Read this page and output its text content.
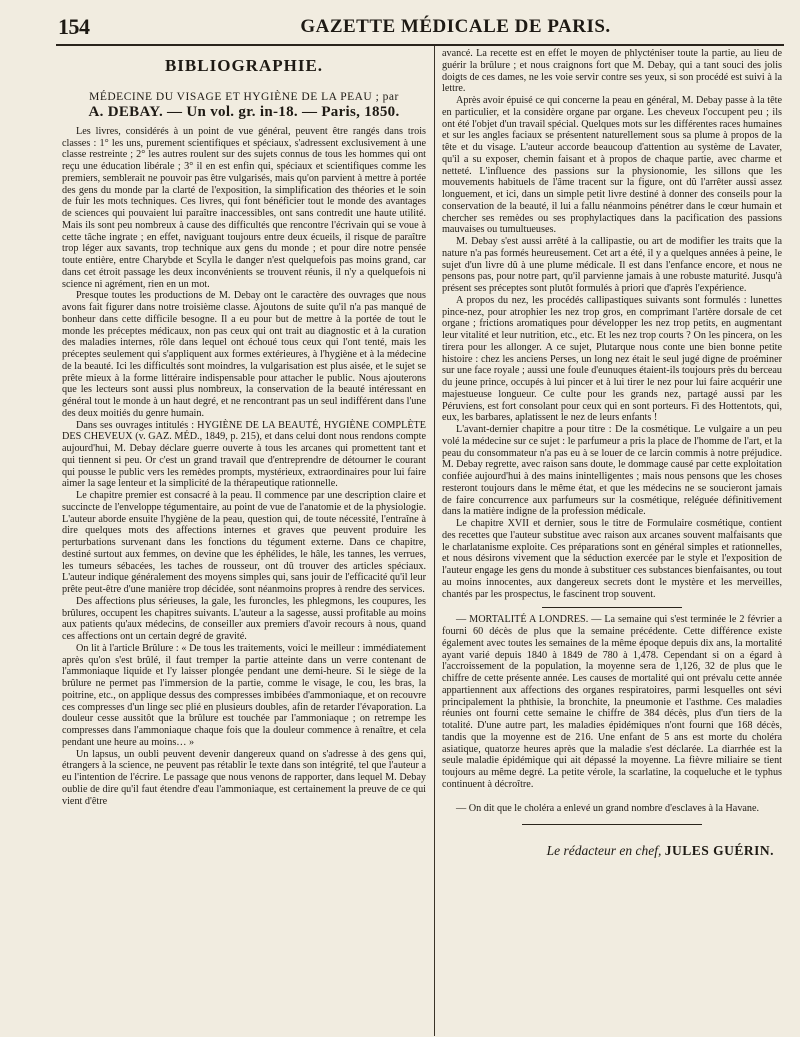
154	GAZETTE MÉDICALE DE PARIS.
BIBLIOGRAPHIE.
MÉDECINE DU VISAGE ET HYGIÈNE DE LA PEAU ; par
A. DEBAY. — Un vol. gr. in-18. — Paris, 1850.

Les livres, considérés à un point de vue général, peuvent être rangés dans trois classes : 1° les uns, purement scientifiques et spéciaux, s'adressent exclusivement à une classe restreinte ; 2° les autres roulent sur des sujets connus de tous les hommes qui ont reçu une éducation libérale ; 3° il en est enfin qui, spéciaux et scientifiques comme les premiers, semblerait ne pouvoir pas être vulgarisés, mais qu'on parvient à mettre à portée des gens du monde par la clarté de l'exposition, la simplification des théories et le soin de fuir les mots techniques. Ces livres, qui font bénéficier tout le monde des avantages de sciences qui pouvaient lui paraître inaccessibles, ont sans contredit une haute utilité. Mais ils sont peu nombreux à cause des difficultés que rencontre l'écrivain qui se voue à cette tâche ingrate ; en effet, naviguant toujours entre deux écueils, il risque de paraître trop léger aux savants, trop technique aux gens du monde ; et pour dire notre pensée toute entière, entre Charybde et Scylla le danger n'est quelquefois pas moins grand, car dans cet étroit passage les deux inconvénients se trouvent réunis, il n'y a quelquefois ni science ni agrément, rien en un mot.

Presque toutes les productions de M. Debay ont le caractère des ouvrages que nous avons fait figurer dans notre troisième classe. Ajoutons de suite qu'il n'a pas manqué de bonheur dans cette difficile besogne. Il a eu pour but de mettre à la portée de tout le monde les préceptes médicaux, non pas ceux qui ont trait au diagnostic et à la curation des maladies internes, rôle dans lequel ont échoué tous ceux qui l'ont tenté, mais les préceptes seulement qui s'appliquent aux formes extérieures, à l'hygiène et à la médecine de la beauté. Ici les difficultés sont moindres, la vulgarisation est plus aisée, et le sujet se prête mieux à la forme littéraire indispensable pour attacher le public. Nous ajouterons que les lecteurs sont aussi plus nombreux, la conservation de la beauté intéressant en général tout le monde à un haut degré, et ne rencontrant pas un seul indifférent dans l'une des deux moitiés du genre humain.

Dans ses ouvrages intitulés : HYGIÈNE DE LA BEAUTÉ, HYGIÈNE COMPLÈTE DES CHEVEUX (v. GAZ. MÉD., 1849, p. 215), et dans celui dont nous rendons compte aujourd'hui, M. Debay déclare guerre ouverte à tous les arcanes qui promettent tant et qui tiennent si peu. Or c'est un grand travail que d'entreprendre de détourner le courant qui pousse le public vers les remèdes prompts, mystérieux, extraordinaires pour lui faire aimer la sage lenteur et la simplicité de la thérapeutique rationnelle.

Le chapitre premier est consacré à la peau. Il commence par une description claire et succincte de l'enveloppe tégumentaire, au point de vue de l'anatomie et de la physiologie. L'auteur aborde ensuite l'hygiène de la peau, question qui, de toute nécessité, l'entraîne à dire quelques mots des affections internes et graves que peuvent produire les perturbations survenant dans les fonctions du tégument externe. Dans ce chapitre, destiné surtout aux femmes, on devine que les éphélides, le hâle, les tannes, les verrues, les tumeurs sébacées, les taches de rousseur, ont dû trouver des articles spéciaux. L'auteur indique généralement des moyens simples qui, sans jouir de l'efficacité qu'il leur prête peut-être d'une manière trop décidée, sont néanmoins propres à rendre des services.

Des affections plus sérieuses, la gale, les furoncles, les phlegmons, les coupures, les brûlures, occupent les chapitres suivants. L'auteur a la sagesse, aussi profitable au moins aux patients qu'aux médecins, de conseiller aux premiers d'avoir recours à nous, quand ces affections ont un certain degré de gravité.

On lit à l'article Brûlure : « De tous les traitements, voici le meilleur : immédiatement après qu'on s'est brûlé, il faut tremper la partie atteinte dans un verre contenant de l'ammoniaque liquide et l'y laisser plongée pendant une demi-heure. Si le siège de la brûlure ne permet pas l'immersion de la partie, comme le visage, le cou, les bras, la poitrine, etc., on applique dessus des compresses imbibées d'ammoniaque, et on recouvre ces compresses d'un linge sec plié en plusieurs doubles, afin de retarder l'évaporation. La douleur cesse aussitôt que la brûlure est touchée par l'ammoniaque ; on retrempe les compresses dans l'ammoniaque chaque fois que la douleur commence à renaître, et cela pendant une heure au moins… »

Un lapsus, un oubli peuvent devenir dangereux quand on s'adresse à des gens qui, étrangers à la science, ne peuvent pas rétablir le texte dans son intégrité, tel que l'auteur a eu l'intention de l'écrire. Le passage que nous venons de rapporter, dans lequel M. Debay oublie de dire qu'il faut étendre d'eau l'ammoniaque, est certainement la preuve de ce qui vient d'être

avancé. La recette est en effet le moyen de phlycténiser toute la partie, au lieu de guérir la brûlure ; et nous craignons fort que M. Debay, qui a tant souci des jolis doigts de ces dames, ne les voie servir contre ses yeux, si son procédé est suivi à la lettre.

Après avoir épuisé ce qui concerne la peau en général, M. Debay passe à la tête en particulier, et la considère organe par organe. Les cheveux l'occupent peu ; ils ont été l'objet d'un travail spécial. Quelques mots sur les différentes races humaines et sur les angles faciaux se présentent naturellement sous sa plume à propos de la tête et du visage. L'auteur accorde beaucoup d'attention au système de Lavater, qu'il a su exposer, chemin faisant et à propos de chaque partie, avec charme et netteté. L'influence des passions sur la physionomie, les sillons que les mouvements habituels de l'âme tracent sur la figure, ont dû l'arrêter aussi assez longuement, et ici, dans un simple petit livre destiné à donner des conseils pour la conservation de la beauté, il lui a fallu néanmoins pénétrer dans le cœur humain et chercher ses remèdes ou ses prophylactiques dans la pacification des passions mauvaises ou tumultueuses.

M. Debay s'est aussi arrêté à la callipastie, ou art de modifier les traits que la nature n'a pas formés heureusement. Cet art a été, il y a quelques années à peine, le sujet d'un livre dû à une plume médicale. Il est dans l'enfance encore, et nous ne pensons pas, pour notre part, qu'il parvienne jamais à une robuste maturité. Jusqu'à présent ses préceptes sont plutôt formulés à priori que d'après l'expérience.

A propos du nez, les procédés callipastiques suivants sont formulés : lunettes pince-nez, pour atrophier les nez trop gros, en comprimant l'artère dorsale de cet organe ; frictions aromatiques pour développer les nez trop petits, en augmentant leur vitalité et leur nutrition, etc., etc. Et les nez trop courts ? On les pincera, on les tirera pour les allonger. A ce sujet, Plutarque nous conte une bien bonne petite histoire : chez les anciens Perses, un long nez était le seul jugé digne de proéminer sur une face royale ; aussi une foule d'eunuques étaient-ils toujours près du berceau du jeune prince, occupés à lui pincer et à lui tirer le nez pour lui faire acquérir une majestueuse longueur. Ce culte pour les grands nez, partagé aussi par les Péruviens, est fort consolant pour ceux qui en sont porteurs. Fi des Hottentots, qui, eux, les barbares, aplatissent le nez de leurs enfants !

L'avant-dernier chapitre a pour titre : De la cosmétique. Le vulgaire a un peu volé la médecine sur ce sujet : le parfumeur a pris la place de l'homme de l'art, et la peau du consommateur n'a pas eu à se louer de ce larcin commis à notre préjudice. M. Debay regrette, avec raison sans doute, le dommage causé par cette exploitation confiée aujourd'hui à des mains inintelligentes ; mais nous pensons que les choses resteront toujours dans le même état, et que les médecins ne se soucieront jamais de faire concurrence aux parfumeurs sur la cosmétique, reléguée définitivement dans la matière indigne de la profession médicale.

Le chapitre XVII et dernier, sous le titre de Formulaire cosmétique, contient des recettes que l'auteur substitue avec raison aux arcanes souvent malfaisants que le charlatanisme exploite. Ces préparations sont en général simples et rationnelles, et nous désirons vivement que la séduction exercée par le style et l'exposition de l'auteur engage les gens du monde à substituer ces substances bienfaisantes, ou tout au moins innocentes, aux dangereux secrets dont le mystère et les merveilles, chantés par les prospectus, le fascinent trop souvent.

— MORTALITÉ A LONDRES. — La semaine qui s'est terminée le 2 février a fourni 60 décès de plus que la semaine précédente. Cette différence existe également avec toutes les semaines de la même époque depuis dix ans, la mortalité ayant varié depuis 1840 à 1849 de 780 à 1,478. Cependant si on a égard à l'accroissement de la population, la moyenne sera de 1,126, 32 de plus que le chiffre de cette présente année. Les causes de mortalité qui ont prévalu cette année appartiennent aux affections des organes respiratoires, parmi lesquelles ont sévi principalement la phthisie, la bronchite, la pneumonie et l'asthme. Ces maladies réunies ont fourni cette semaine le chiffre de 384 décès, plus d'un tiers de la totalité. D'une autre part, les maladies épidémiques n'ont fourni que 168 décès, tandis que la moyenne est de 216. Une enfant de 5 ans est morte du choléra asiatique, quatorze heures après que la maladie s'est déclarée. La diarrhée est la seule maladie épidémique qui ait dépassé la moyenne. La fièvre miliaire se tient toujours au même degré. La petite vérole, la scarlatine, la coqueluche et le typhus continuent à décroître.

— On dit que le choléra a enlevé un grand nombre d'esclaves à la Havane.

Le rédacteur en chef, JULES GUÉRIN.
